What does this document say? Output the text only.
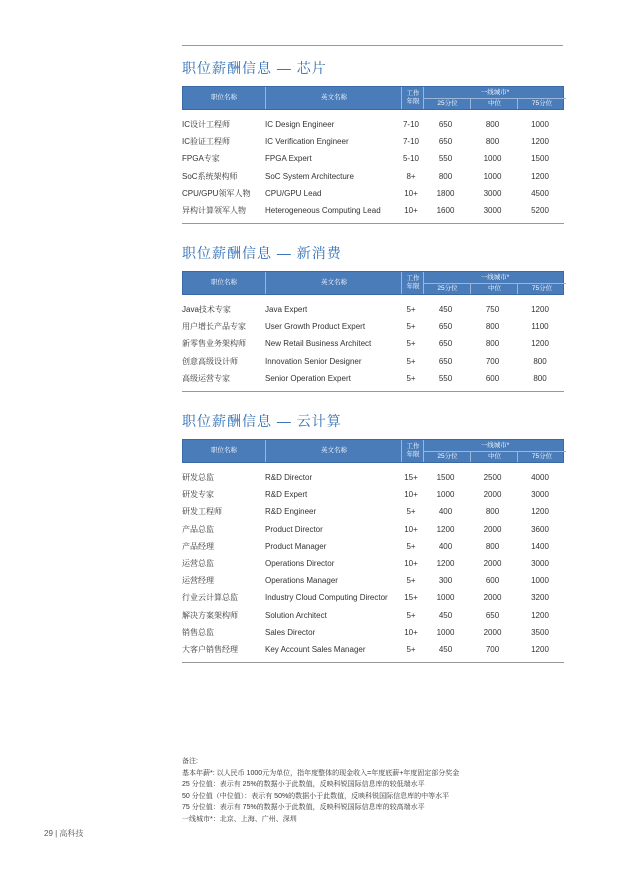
职位薪酬信息 — 芯片
职位名称	英文名称
工作
年限
一线城市*
25分位	中位	75分位
IC设计工程师	IC Design Engineer	7-10	650	800	1000
IC验证工程师	IC Verification Engineer	7-10	650	800	1200
FPGA专家	FPGA Expert	5-10	550	1000	1500
SoC系统架构师	SoC System Architecture	8+	800	1000	1200
CPU/GPU领军人物 CPU/GPU Lead	10+	1800	3000	4500
异构计算领军人物 Heterogeneous Computing Lead	10+	1600	3000	5200
职位薪酬信息 — 新消费
职位名称	英文名称
工作
年限
一线城市*
25分位	中位	75分位
Java技术专家	Java Expert	5+	450	750	1200
用户增长产品专家 User Growth Product Expert	5+	650	800	1100
新零售业务架构师 New Retail Business Architect	5+	650	800	1200
创意高级设计师	Innovation Senior Designer	5+	650	700	800
高级运营专家	Senior Operation Expert	5+	550	600	800
职位薪酬信息 — 云计算
职位名称	英文名称
工作
年限
一线城市*
25分位	中位	75分位
研发总监	R&D Director	15+	1500	2500	4000
研发专家	R&D Expert	10+	1000	2000	3000
研发工程师	R&D Engineer	5+	400	800	1200
产品总监	Product Director	10+	1200	2000	3600
产品经理	Product Manager	5+	400	800	1400
运营总监	Operations Director	10+	1200	2000	3000
运营经理	Operations Manager	5+	300	600	1000
行业云计算总监	Industry Cloud Computing Director	15+	1000	2000	3200
解决方案架构师	Solution Architect	5+	450	650	1200
销售总监	Sales Director	10+	1000	2000	3500
大客户销售经理	Key Account Sales Manager	5+	450	700	1200
备注:
基本年薪*: 以人民币 1000元为单位，指年度整体的现金收入=年度底薪+年度固定部分奖金
25 分位值：表示有 25%的数据小于此数值，反映科锐国际信息库的较低端水平
50 分位值（中位值）：表示有 50%的数据小于此数值，反映科锐国际信息库的中等水平
75 分位值：表示有 75%的数据小于此数值，反映科锐国际信息库的较高端水平
一线城市*：北京、上海、广州、深圳
29 | 高科技
